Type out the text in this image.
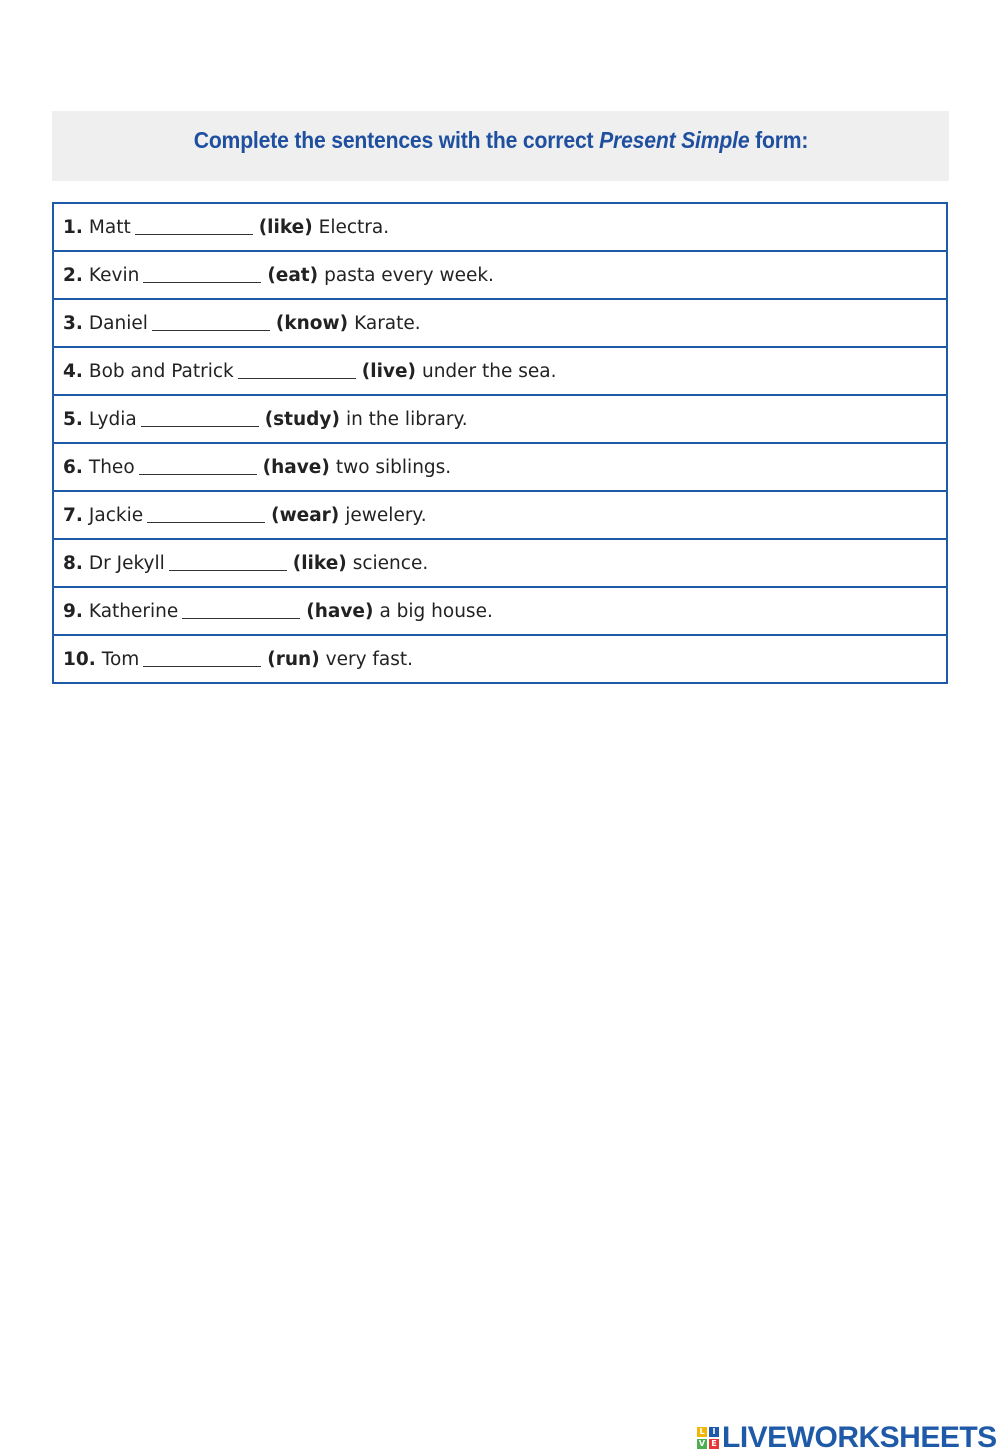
Complete the sentences with the correct Present Simple form:
1. Matt	(like) Electra.
2. Kevin	(eat) pasta every week.
3. Daniel	(know) Karate.
4. Bob and Patrick	(live) under the sea.
5. Lydia	(study) in the library.
6. Theo	(have) two siblings.
7. Jackie	(wear) jewelery.
8. Dr Jekyll	(like) science.
9. Katherine	(have) a big house.
10. Tom	(run) very fast.
L I
V E LIVEWORKSHEETS
